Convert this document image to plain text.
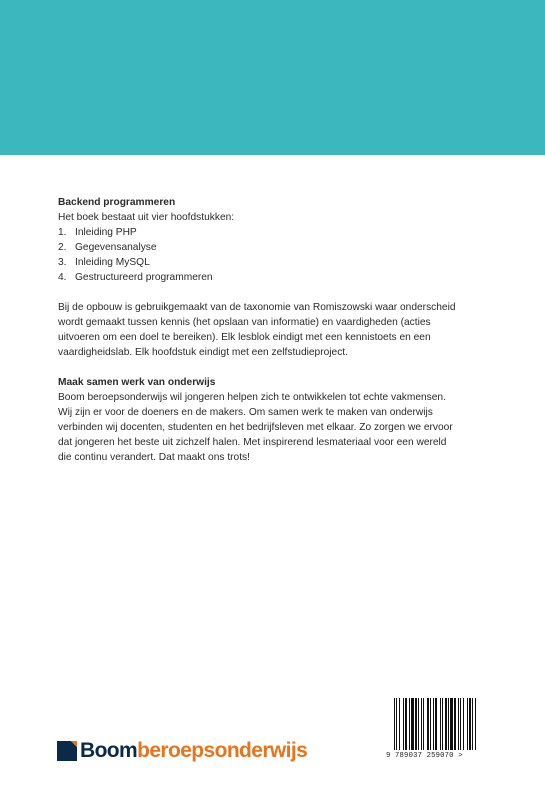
Backend programmeren

Het boek bestaat uit vier hoofdstukken:

1. Inleiding PHP
2. Gegevensanalyse
3. Inleiding MySQL
4. Gestructureerd programmeren

Bij de opbouw is gebruikgemaakt van de taxonomie van Romiszowski waar onderscheid

wordt gemaakt tussen kennis (het opslaan van informatie) en vaardigheden (acties

uitvoeren om een doel te bereiken). Elk lesblok eindigt met een kennistoets en een

vaardigheidslab. Elk hoofdstuk eindigt met een zelfstudieproject.

Maak samen werk van onderwijs

Boom beroepsonderwijs wil jongeren helpen zich te ontwikkelen tot echte vakmensen.

Wij zijn er voor de doeners en de makers. Om samen werk te maken van onderwijs

verbinden wij docenten, studenten en het bedrijfsleven met elkaar. Zo zorgen we ervoor

dat jongeren het beste uit zichzelf halen. Met inspirerend lesmateriaal voor een wereld

die continu verandert. Dat maakt ons trots!

Boomberoepsonderwijs	9 789037 259070 >
